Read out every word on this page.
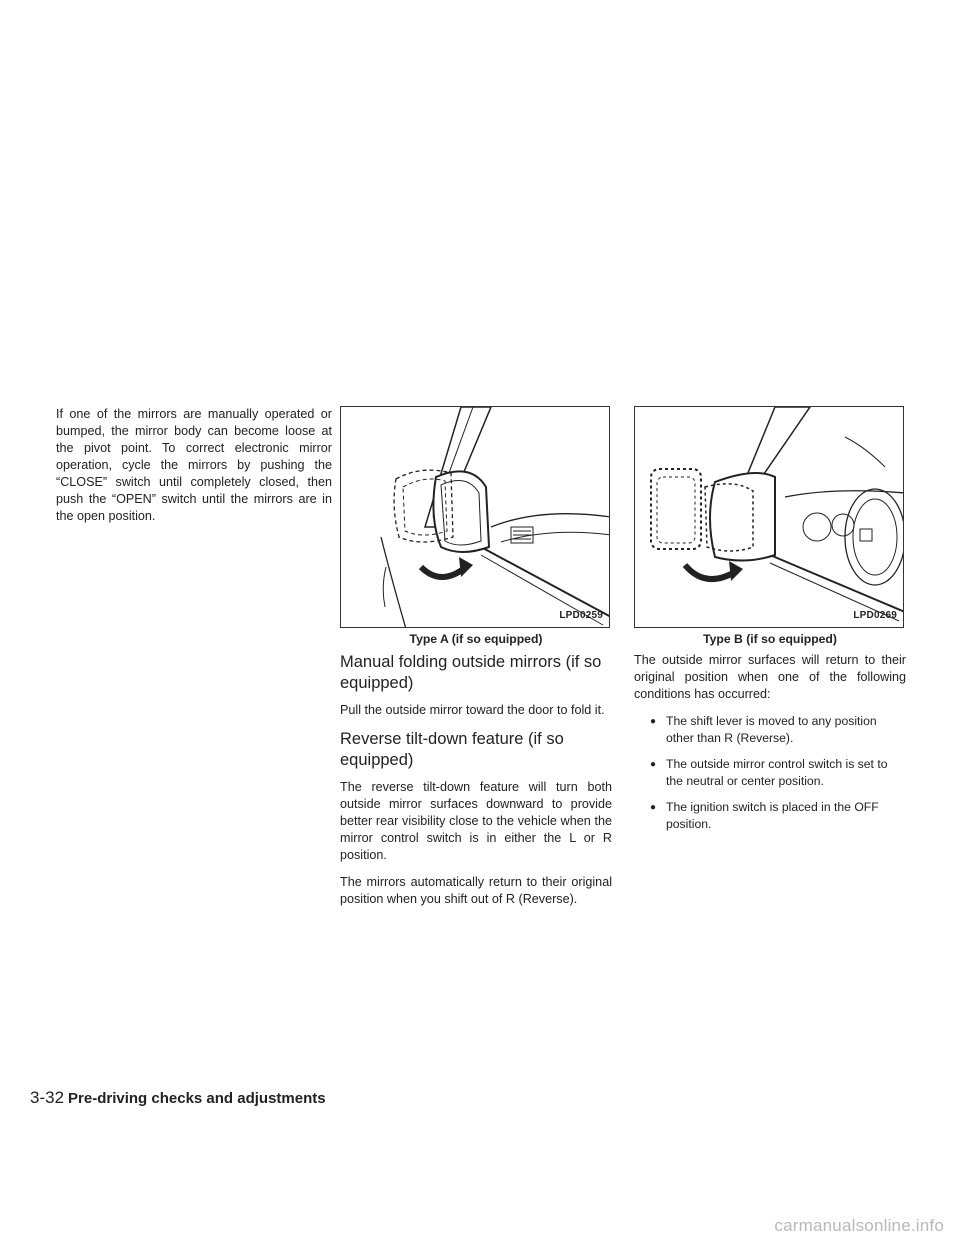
If one of the mirrors are manually operated or bumped, the mirror body can become loose at the pivot point. To correct electronic mirror operation, cycle the mirrors by pushing the “CLOSE” switch until completely closed, then push the “OPEN” switch until the mirrors are in the open position.

LPD0259
Type A (if so equipped)
Manual folding outside mirrors (if so equipped)

Pull the outside mirror toward the door to fold it.

Reverse tilt-down feature (if so equipped)

The reverse tilt-down feature will turn both outside mirror surfaces downward to provide better rear visibility close to the vehicle when the mirror control switch is in either the L or R position.

The mirrors automatically return to their original position when you shift out of R (Reverse).

LPD0269
Type B (if so equipped)

The outside mirror surfaces will return to their original position when one of the following conditions has occurred:

● The shift lever is moved to any position other than R (Reverse).
● The outside mirror control switch is set to the neutral or center position.
● The ignition switch is placed in the OFF position.
3-32 Pre-driving checks and adjustments
carmanualsonline.info
